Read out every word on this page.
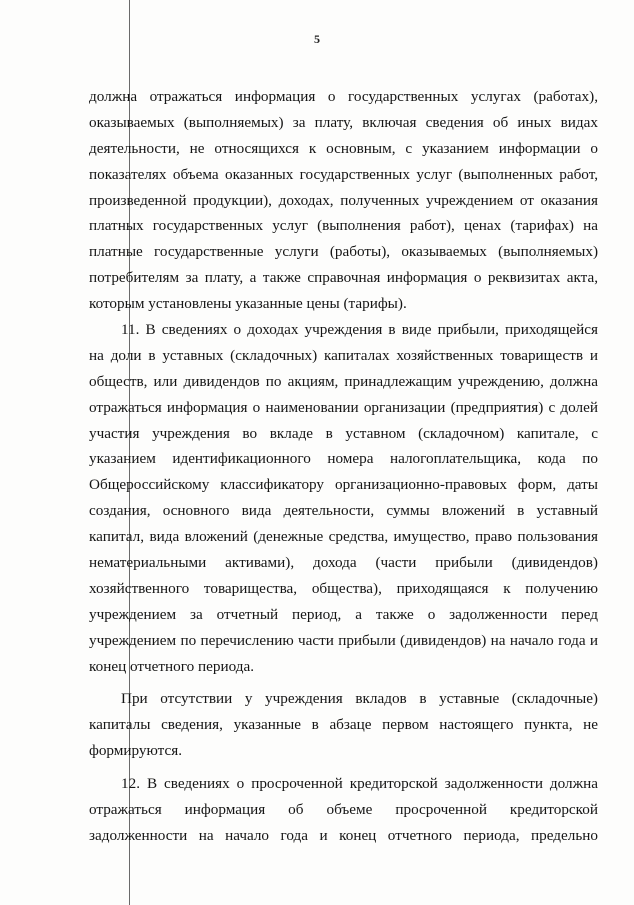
5
должна отражаться информация о государственных услугах (работах),
оказываемых (выполняемых) за плату, включая сведения об иных видах
деятельности, не относящихся к основным, с указанием информации о
показателях объема оказанных государственных услуг (выполненных работ,
произведенной продукции), доходах, полученных учреждением от оказания
платных государственных услуг (выполнения работ), ценах (тарифах) на
платные государственные услуги (работы), оказываемых (выполняемых)
потребителям за плату, а также справочная информация о реквизитах акта,
которым установлены указанные цены (тарифы).
11. В сведениях о доходах учреждения в виде прибыли, приходящейся
на доли в уставных (складочных) капиталах хозяйственных товариществ и
обществ, или дивидендов по акциям, принадлежащим учреждению, должна
отражаться информация о наименовании организации (предприятия) с долей
участия учреждения во вкладе в уставном (складочном) капитале, с
указанием идентификационного номера налогоплательщика, кода по
Общероссийскому классификатору организационно-правовых форм, даты
создания, основного вида деятельности, суммы вложений в уставный
капитал, вида вложений (денежные средства, имущество, право пользования
нематериальными активами), дохода (части прибыли (дивидендов)
хозяйственного товарищества, общества), приходящаяся к получению
учреждением за отчетный период, а также о задолженности перед
учреждением по перечислению части прибыли (дивидендов) на начало года и
конец отчетного периода.
При отсутствии у учреждения вкладов в уставные (складочные)
капиталы сведения, указанные в абзаце первом настоящего пункта, не
формируются.
12. В сведениях о просроченной кредиторской задолженности должна
отражаться информация об объеме просроченной кредиторской
задолженности на начало года и конец отчетного периода, предельно
